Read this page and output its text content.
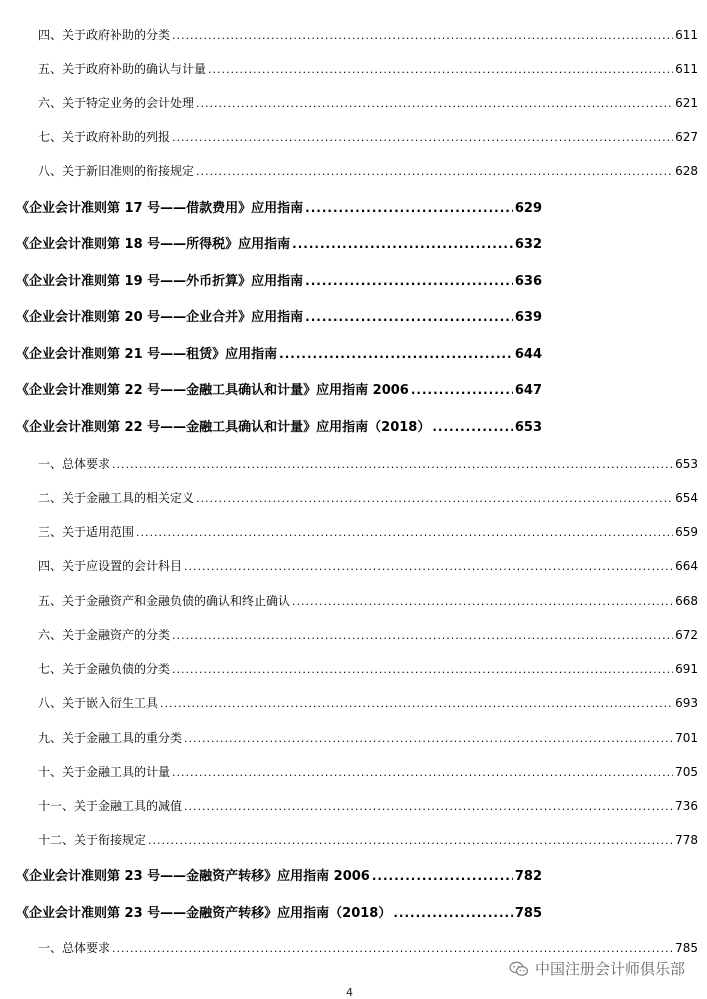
四、关于政府补助的分类 .....	611
五、关于政府补助的确认与计量 .....	611
六、关于特定业务的会计处理 .....	621
七、关于政府补助的列报 .....	627
八、关于新旧准则的衔接规定 .....	628
《企业会计准则第 17 号——借款费用》应用指南 .....	629
《企业会计准则第 18 号——所得税》应用指南 .....	632
《企业会计准则第 19 号——外币折算》应用指南 .....	636
《企业会计准则第 20 号——企业合并》应用指南 .....	639
《企业会计准则第 21 号——租赁》应用指南 .....	644
《企业会计准则第 22 号——金融工具确认和计量》应用指南 2006 .....	647
《企业会计准则第 22 号——金融工具确认和计量》应用指南（2018） .....	653
一、总体要求 .....	653
二、关于金融工具的相关定义 .....	654
三、关于适用范围 .....	659
四、关于应设置的会计科目 .....	664
五、关于金融资产和金融负债的确认和终止确认 .....	668
六、关于金融资产的分类 .....	672
七、关于金融负债的分类 .....	691
八、关于嵌入衍生工具 .....	693
九、关于金融工具的重分类 .....	701
十、关于金融工具的计量 .....	705
十一、关于金融工具的减值 .....	736
十二、关于衔接规定 .....	778
《企业会计准则第 23 号——金融资产转移》应用指南 2006 .....	782
《企业会计准则第 23 号——金融资产转移》应用指南（2018） .....	785
一、总体要求 .....	785
中国注册会计师俱乐部
4
